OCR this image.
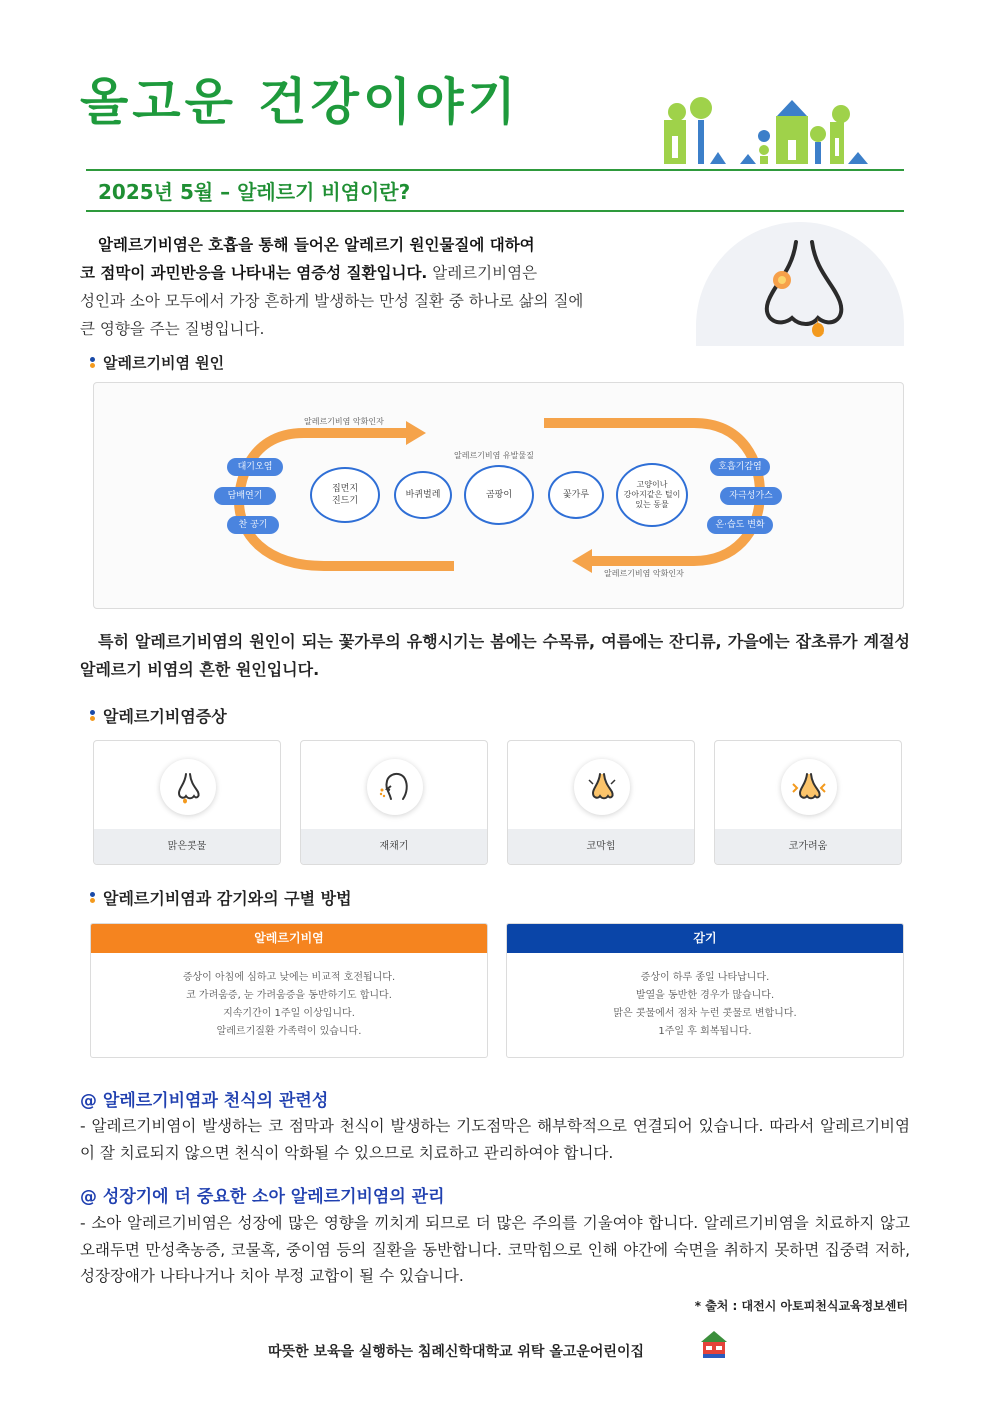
올고운 건강이야기
2025년 5월 – 알레르기 비염이란?

알레르기비염은 호흡을 통해 들어온 알레르기 원인물질에 대하여

코 점막이 과민반응을 나타내는 염증성 질환입니다. 알레르기비염은

성인과 소아 모두에서 가장 흔하게 발생하는 만성 질환 중 하나로 삶의 질에

큰 영향을 주는 질병입니다.

알레르기비염 원인
알레르기비염 악화인자
알레르기비염 악화인자
알레르기비염 유발물질
대기오염
담배연기
찬 공기
호흡기감염
자극성가스
온·습도 변화
집먼지
진드기
바퀴벌레	곰팡이	꽃가루
고양이나
강아지같은 털이
있는 동물
특히 알레르기비염의 원인이 되는 꽃가루의 유행시기는 봄에는 수목류, 여름에는 잔디류, 가을에는 잡초류가 계절성 알레르기 비염의 흔한 원인입니다.
알레르기비염증상
맑은콧물	재채기	코막힘	코가려움
알레르기비염과 감기와의 구별 방법
알레르기비염
증상이 아침에 심하고 낮에는 비교적 호전됩니다.
코 가려움증, 눈 가려움증을 동반하기도 합니다.
지속기간이 1주일 이상입니다.
알레르기질환 가족력이 있습니다.
감기
증상이 하루 종일 나타납니다.
발열을 동반한 경우가 많습니다.
맑은 콧물에서 점차 누런 콧물로 변합니다.
1주일 후 회복됩니다.
@ 알레르기비염과 천식의 관련성
- 알레르기비염이 발생하는 코 점막과 천식이 발생하는 기도점막은 해부학적으로 연결되어 있습니다. 따라서 알레르기비염이 잘 치료되지 않으면 천식이 악화될 수 있으므로 치료하고 관리하여야 합니다.
@ 성장기에 더 중요한 소아 알레르기비염의 관리
- 소아 알레르기비염은 성장에 많은 영향을 끼치게 되므로 더 많은 주의를 기울여야 합니다. 알레르기비염을 치료하지 않고 오래두면 만성축농증, 코물혹, 중이염 등의 질환을 동반합니다. 코막힘으로 인해 야간에 숙면을 취하지 못하면 집중력 저하, 성장장애가 나타나거나 치아 부정 교합이 될 수 있습니다.
* 출처 : 대전시 아토피천식교육정보센터
따뜻한 보육을 실행하는 침례신학대학교 위탁 올고운어린이집
